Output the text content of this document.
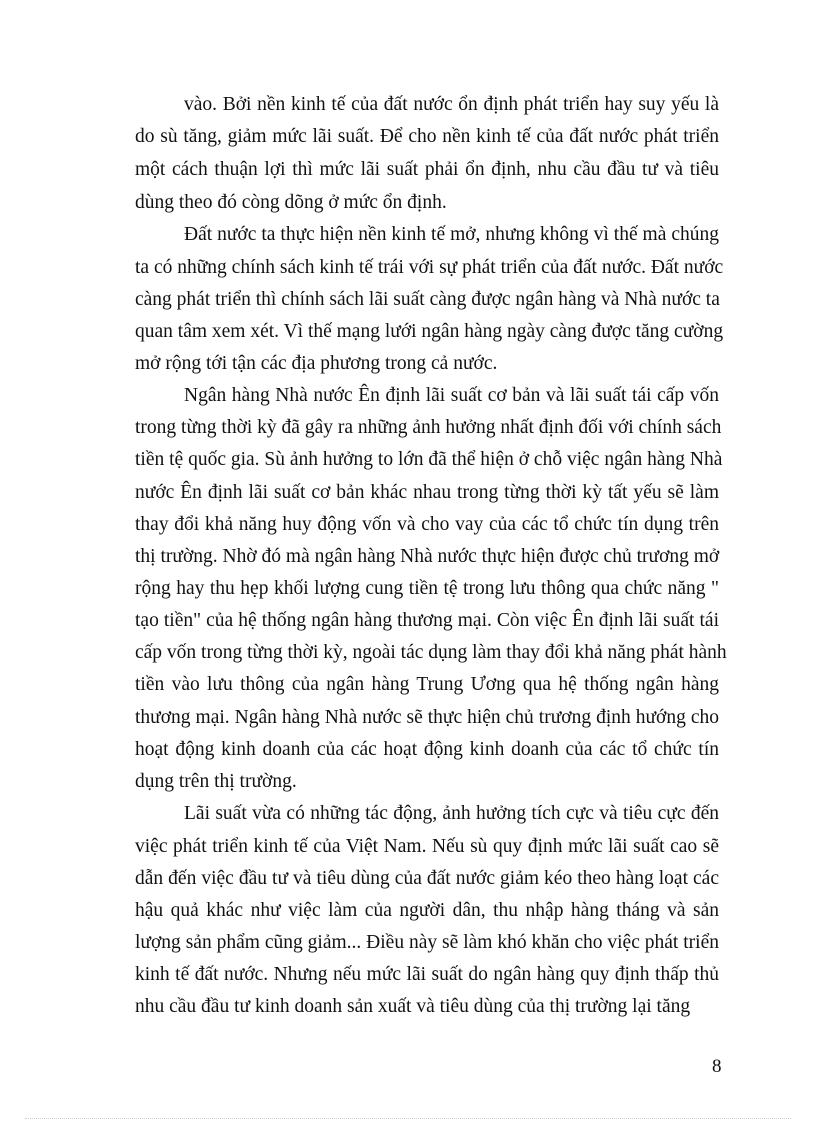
vào. Bởi nền kinh tế của đất nước ổn định phát triển hay suy yếu là
do sù tăng, giảm mức lãi suất. Để cho nền kinh tế của đất nước phát triển
một cách thuận lợi thì mức lãi suất phải ổn định, nhu cầu đầu tư và tiêu
dùng theo đó còng dõng ở mức ổn định.
Đất nước ta thực hiện nền kinh tế mở, nhưng không vì thế mà chúng
ta có những chính sách kinh tế trái với sự phát triển của đất nước. Đất nước
càng phát triển thì chính sách lãi suất càng được ngân hàng và Nhà nước ta
quan tâm xem xét. Vì thế mạng lưới ngân hàng ngày càng được tăng cường
mở rộng tới tận các địa phương trong cả nước.
Ngân hàng Nhà nước Ên định lãi suất cơ bản và lãi suất tái cấp vốn
trong từng thời kỳ đã gây ra những ảnh hưởng nhất định đối với chính sách
tiền tệ quốc gia. Sù ảnh hưởng to lớn đã thể hiện ở chỗ việc ngân hàng Nhà
nước Ên định lãi suất cơ bản khác nhau trong từng thời kỳ tất yếu sẽ làm
thay đổi khả năng huy động vốn và cho vay của các tổ chức tín dụng trên
thị trường. Nhờ đó mà ngân hàng Nhà nước thực hiện được chủ trương mở
rộng hay thu hẹp khối lượng cung tiền tệ trong lưu thông qua chức năng "
tạo tiền" của hệ thống ngân hàng thương mại. Còn việc Ên định lãi suất tái
cấp vốn trong từng thời kỳ, ngoài tác dụng làm thay đổi khả năng phát hành
tiền vào lưu thông của ngân hàng Trung Ương qua hệ thống ngân hàng
thương mại. Ngân hàng Nhà nước sẽ thực hiện chủ trương định hướng cho
hoạt động kinh doanh của các hoạt động kinh doanh của các tổ chức tín
dụng trên thị trường.
Lãi suất vừa có những tác động, ảnh hưởng tích cực và tiêu cực đến
việc phát triển kinh tế của Việt Nam. Nếu sù quy định mức lãi suất cao sẽ
dẫn đến việc đầu tư và tiêu dùng của đất nước giảm kéo theo hàng loạt các
hậu quả khác như việc làm của người dân, thu nhập hàng tháng và sản
lượng sản phẩm cũng giảm... Điều này sẽ làm khó khăn cho việc phát triển
kinh tế đất nước. Nhưng nếu mức lãi suất do ngân hàng quy định thấp thủ
nhu cầu đầu tư kinh doanh sản xuất và tiêu dùng của thị trường lại tăng
8
